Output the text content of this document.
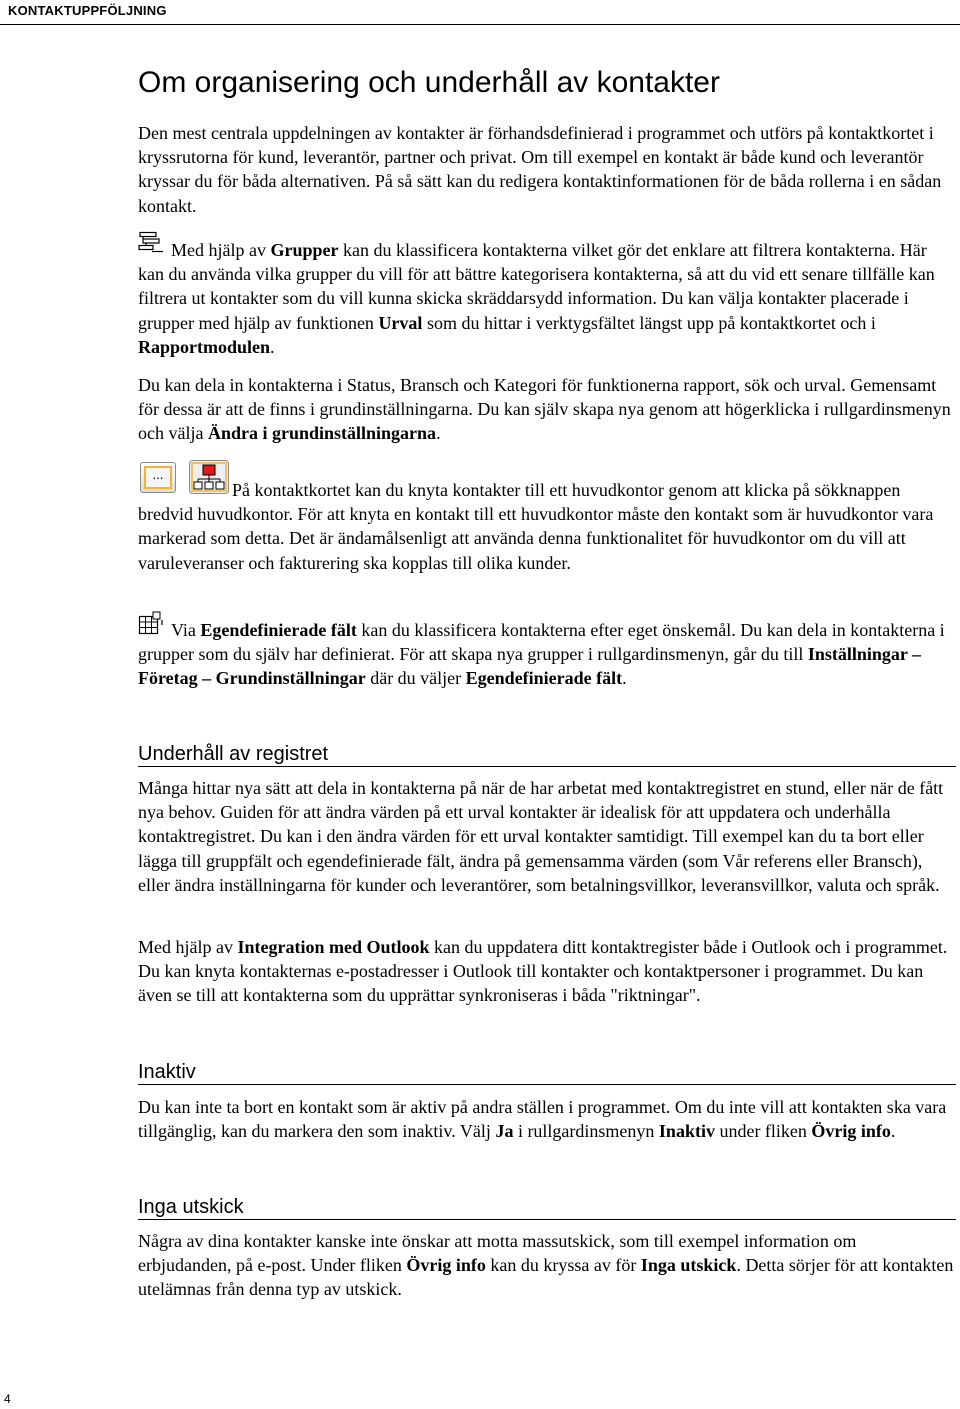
KONTAKTUPPFÖLJNING
Om organisering och underhåll av kontakter

Den mest centrala uppdelningen av kontakter är förhandsdefinierad i programmet och utförs på kontaktkortet i kryssrutorna för kund, leverantör, partner och privat. Om till exempel en kontakt är både kund och leverantör kryssar du för båda alternativen. På så sätt kan du redigera kontaktinformationen för de båda rollerna i en sådan kontakt.

Med hjälp av Grupper kan du klassificera kontakterna vilket gör det enklare att filtrera kontakterna. Här kan du använda vilka grupper du vill för att bättre kategorisera kontakterna, så att du vid ett senare tillfälle kan filtrera ut kontakter som du vill kunna skicka skräddarsydd information. Du kan välja kontakter placerade i grupper med hjälp av funktionen Urval som du hittar i verktygsfältet längst upp på kontaktkortet och i Rapportmodulen.

Du kan dela in kontakterna i Status, Bransch och Kategori för funktionerna rapport, sök och urval. Gemensamt för dessa är att de finns i grundinställningarna. Du kan själv skapa nya genom att högerklicka i rullgardinsmenyn och välja Ändra i grundinställningarna.

...

På kontaktkortet kan du knyta kontakter till ett huvudkontor genom att klicka på sökknappen bredvid huvudkontor. För att knyta en kontakt till ett huvudkontor måste den kontakt som är huvudkontor vara markerad som detta. Det är ändamålsenligt att använda denna funktionalitet för huvudkontor om du vill att varuleveranser och fakturering ska kopplas till olika kunder.

Via Egendefinierade fält kan du klassificera kontakterna efter eget önskemål. Du kan dela in kontakterna i grupper som du själv har definierat. För att skapa nya grupper i rullgardinsmenyn, går du till Inställningar – Företag – Grundinställningar där du väljer Egendefinierade fält.

Underhåll av registret

Många hittar nya sätt att dela in kontakterna på när de har arbetat med kontaktregistret en stund, eller när de fått nya behov. Guiden för att ändra värden på ett urval kontakter är idealisk för att uppdatera och underhålla kontaktregistret. Du kan i den ändra värden för ett urval kontakter samtidigt. Till exempel kan du ta bort eller lägga till gruppfält och egendefinierade fält, ändra på gemensamma värden (som Vår referens eller Bransch), eller ändra inställningarna för kunder och leverantörer, som betalningsvillkor, leveransvillkor, valuta och språk.

Med hjälp av Integration med Outlook kan du uppdatera ditt kontaktregister både i Outlook och i programmet. Du kan knyta kontakternas e-postadresser i Outlook till kontakter och kontaktpersoner i programmet. Du kan även se till att kontakterna som du upprättar synkroniseras i båda "riktningar".

Inaktiv

Du kan inte ta bort en kontakt som är aktiv på andra ställen i programmet. Om du inte vill att kontakten ska vara tillgänglig, kan du markera den som inaktiv. Välj Ja i rullgardinsmenyn Inaktiv under fliken Övrig info.

Inga utskick

Några av dina kontakter kanske inte önskar att motta massutskick, som till exempel information om erbjudanden, på e-post. Under fliken Övrig info kan du kryssa av för Inga utskick. Detta sörjer för att kontakten utelämnas från denna typ av utskick.

4
